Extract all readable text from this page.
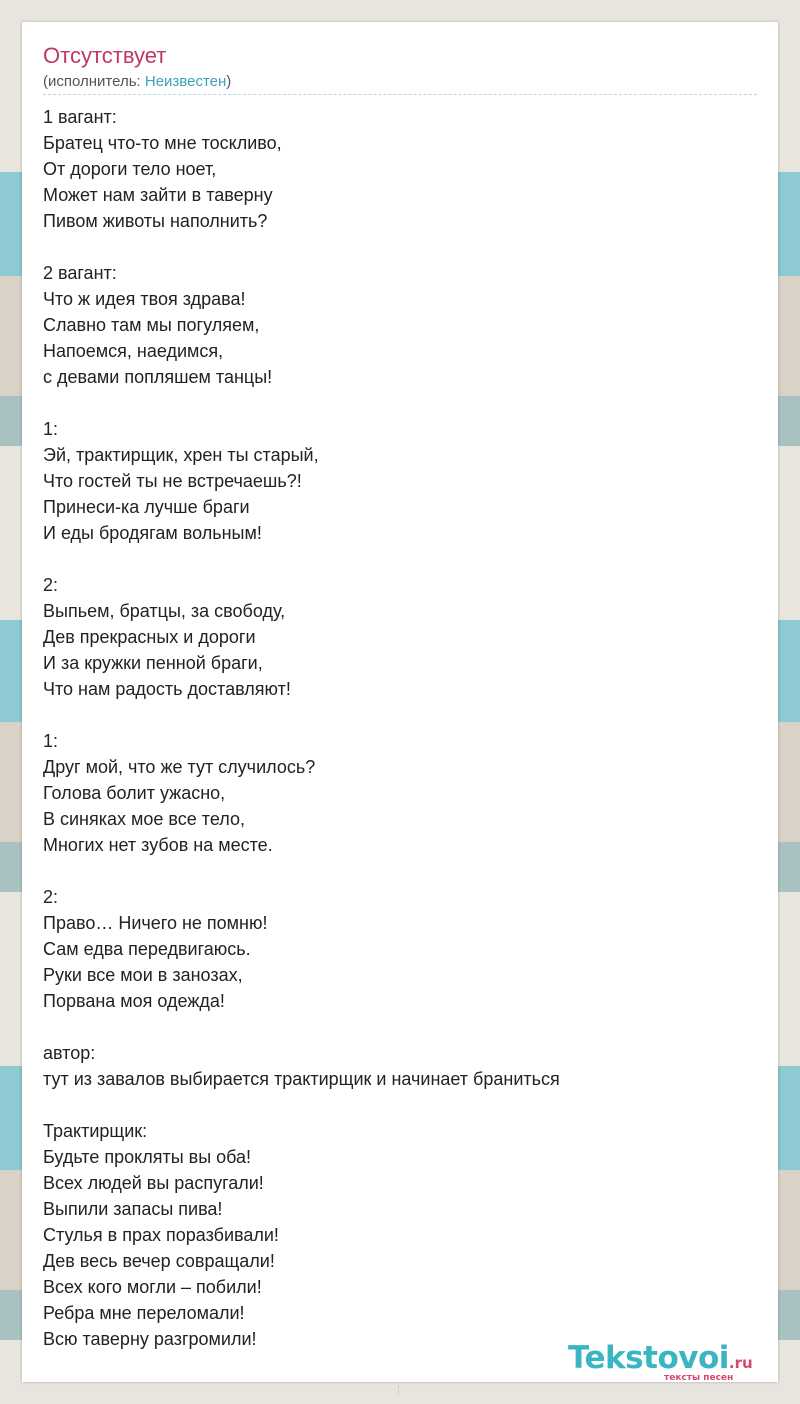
Отсутствует
(исполнитель: Неизвестен)
1 вагант:
Братец что-то мне тоскливо,
От дороги тело ноет,
Может нам зайти в таверну
Пивом животы наполнить?
2 вагант:
Что ж идея твоя здрава!
Славно там мы погуляем,
Напоемся, наедимся,
с девами попляшем танцы!
1:
Эй, трактирщик, хрен ты старый,
Что гостей ты не встречаешь?!
Принеси-ка лучше браги
И еды бродягам вольным!
2:
Выпьем, братцы, за свободу,
Дев прекрасных и дороги
И за кружки пенной браги,
Что нам радость доставляют!
1:
Друг мой, что же тут случилось?
Голова болит ужасно,
В синяках мое все тело,
Многих нет зубов на месте.
2:
Право… Ничего не помню!
Сам едва передвигаюсь.
Руки все мои в занозах,
Порвана моя одежда!
автор:
тут из завалов выбирается трактирщик и начинает браниться
Трактирщик:
Будьте прокляты вы оба!
Всех людей вы распугали!
Выпили запасы пива!
Стулья в прах поразбивали!
Дев весь вечер совращали!
Всех кого могли – побили!
Ребра мне переломали!
Всю таверну разгромили!
Tekstovoi.ru
тексты песен
